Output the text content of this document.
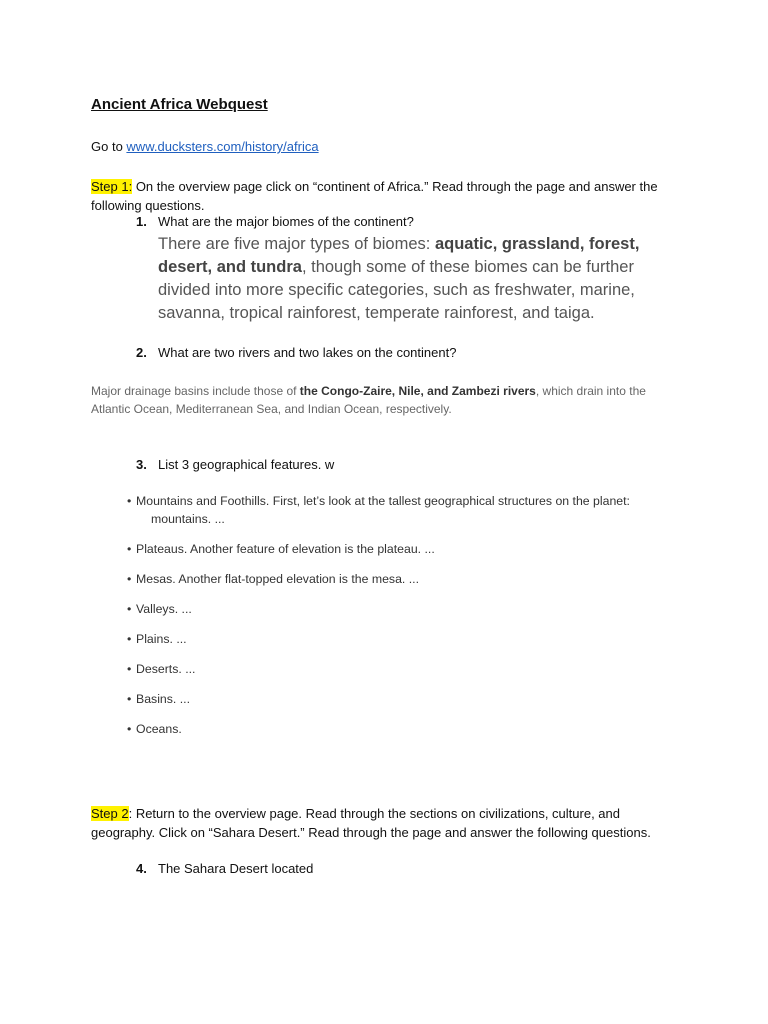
Ancient Africa Webquest
Go to www.ducksters.com/history/africa
Step 1: On the overview page click on “continent of Africa.” Read through the page and answer the following questions.
1. What are the major biomes of the continent?
There are five major types of biomes: aquatic, grassland, forest, desert, and tundra, though some of these biomes can be further divided into more specific categories, such as freshwater, marine, savanna, tropical rainforest, temperate rainforest, and taiga.
2. What are two rivers and two lakes on the continent?
Major drainage basins include those of the Congo-Zaire, Nile, and Zambezi rivers, which drain into the Atlantic Ocean, Mediterranean Sea, and Indian Ocean, respectively.
3. List 3 geographical features. w
• Mountains and Foothills. First, let’s look at the tallest geographical structures on the planet:
mountains. ...
• Plateaus. Another feature of elevation is the plateau. ...
• Mesas. Another flat-topped elevation is the mesa. ...
• Valleys. ...
• Plains. ...
• Deserts. ...
• Basins. ...
• Oceans.
Step 2: Return to the overview page. Read through the sections on civilizations, culture, and geography. Click on “Sahara Desert.” Read through the page and answer the following questions.
4. The Sahara Desert located
